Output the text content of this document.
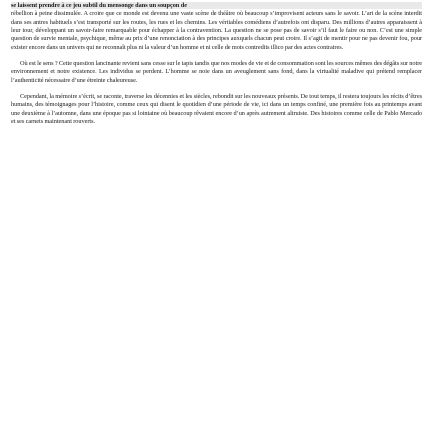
se laissent prendre à ce jeu subtil du mensonge dans un soupçon de

rébellion à peine dissimulée. A croire que ce monde est devenu une vaste scène de théâtre où beaucoup s’improvisent acteurs sans le savoir. L’art de la scène interdit dans ses antres habituels s’est transporté sur les routes, les rues et les chemins. Les véritables comédiens d’autrefois ont disparu. Des millions d’autres apparaissent à leur tour, développant un savoir-faire remarquable pour échapper à la contravention. La question ne se pose pas de savoir s’il faut le faire ou non. C’est une simple question de survie mentale, psychique, même au prix d’une renonciation à des principes auxquels chacun peut croire. Il s’agit de mentir pour ne pas devenir fou, pour exister encore dans un univers qui ne reconnaît plus ni la valeur d’un homme et ni celle de mots contredits illico par des actes contraires.

Où est le sens ? Cette question lancinante revient sans cesse sur le tapis tandis que nos modes de vie et de consommation sont les sources mêmes des dégâts sur notre environnement et notre existence. Les individus se perdent. L’homme se noie dans un aveuglement sans fond, dans la virtualité maladive qui prétend remplacer l’authenticité nécessaire d’une étreinte chaleureuse.

Cependant, la mémoire s’écrit, se raconte, traverse les décennies et les siècles, rebondit sur les nouveaux présents. De tout temps, il restera toujours les récits d’êtres humains, des témoignages pour l’histoire, comme ceux qui disent le quotidien d’une période de vie, ici dans un temps confiné, une première fois au printemps avant une deuxième à l’automne, dans une époque pas si lointaine où beaucoup rêvaient encore d’un après autrement altruiste. Des histoires comme celle de Pablo Mercado et ses carnets maintenant rouverts.
